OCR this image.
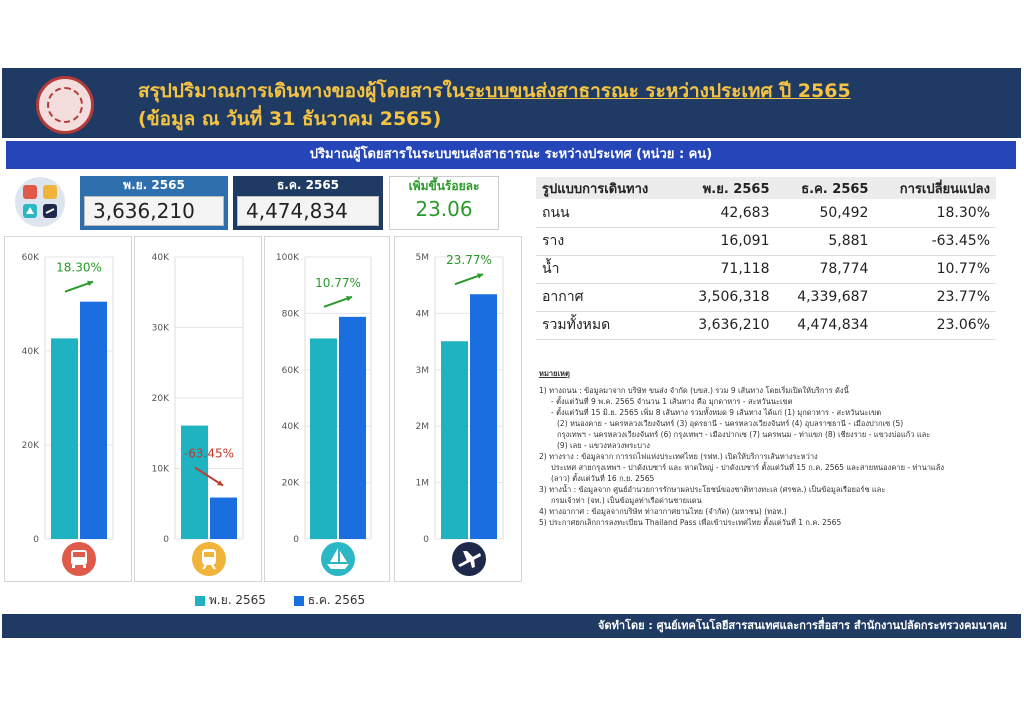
สรุปปริมาณการเดินทางของผู้โดยสารในระบบขนส่งสาธารณะ ระหว่างประเทศ ปี 2565
(ข้อมูล ณ วันที่ 31 ธันวาคม 2565)
ปริมาณผู้โดยสารในระบบขนส่งสาธารณะ ระหว่างประเทศ (หน่วย : คน)
พ.ย. 2565
3,636,210
ธ.ค. 2565
4,474,834
เพิ่มขึ้นร้อยละ
23.06
0
20K
40K
60K
18.30%
0
10K
20K
30K
40K
-63.45%
0
20K
40K
60K
80K
100K
10.77%
0
1M
2M
3M
4M
5M 23.77%
พ.ย. 2565	ธ.ค. 2565
รูปแบบการเดินทาง	พ.ย. 2565	ธ.ค. 2565	การเปลี่ยนแปลง
ถนน	42,683	50,492	18.30%
ราง	16,091	5,881	-63.45%
น้ำ	71,118	78,774	10.77%
อากาศ	3,506,318	4,339,687	23.77%
รวมทั้งหมด	3,636,210	4,474,834	23.06%
หมายเหตุ
1) ทางถนน : ข้อมูลมาจาก บริษัท ขนส่ง จำกัด (บขส.) รวม 9 เส้นทาง โดยเริ่มเปิดให้บริการ ดังนี้
- ตั้งแต่วันที่ 9 พ.ค. 2565 จำนวน 1 เส้นทาง คือ มุกดาหาร - สะหวันนะเขต
- ตั้งแต่วันที่ 15 มิ.ย. 2565 เพิ่ม 8 เส้นทาง รวมทั้งหมด 9 เส้นทาง ได้แก่ (1) มุกดาหาร - สะหวันนะเขต
(2) หนองคาย - นครหลวงเวียงจันทร์ (3) อุดรธานี - นครหลวงเวียงจันทร์ (4) อุบลราชธานี - เมืองปากเซ (5)
กรุงเทพฯ - นครหลวงเวียงจันทร์ (6) กรุงเทพฯ - เมืองปากเซ (7) นครพนม - ท่าแขก (8) เชียงราย - แขวงบ่อแก้ว และ
(9) เลย - แขวงหลวงพระบาง
2) ทางราง : ข้อมูลจาก การรถไฟแห่งประเทศไทย (รฟท.) เปิดให้บริการเส้นทางระหว่าง
ประเทศ สายกรุงเทพฯ - ปาดังเบซาร์ และ หาดใหญ่ - ปาดังเบซาร์ ตั้งแต่วันที่ 15 ก.ค. 2565 และสายหนองคาย - ท่านาแล้ง
(ลาว) ตั้งแต่วันที่ 16 ก.ย. 2565
3) ทางน้ำ : ข้อมูลจาก ศูนย์อำนวยการรักษาผลประโยชน์ของชาติทางทะเล (ศรชล.) เป็นข้อมูลเรือยอร์ช และ
กรมเจ้าท่า (จท.) เป็นข้อมูลท่าเรือด่านชายแดน
4) ทางอากาศ : ข้อมูลจากบริษัท ท่าอากาศยานไทย (จำกัด) (มหาชน) (ทอท.)
5) ประกาศยกเลิกการลงทะเบียน Thailand Pass เพื่อเข้าประเทศไทย ตั้งแต่วันที่ 1 ก.ค. 2565
จัดทำโดย : ศูนย์เทคโนโลยีสารสนเทศและการสื่อสาร สำนักงานปลัดกระทรวงคมนาคม
